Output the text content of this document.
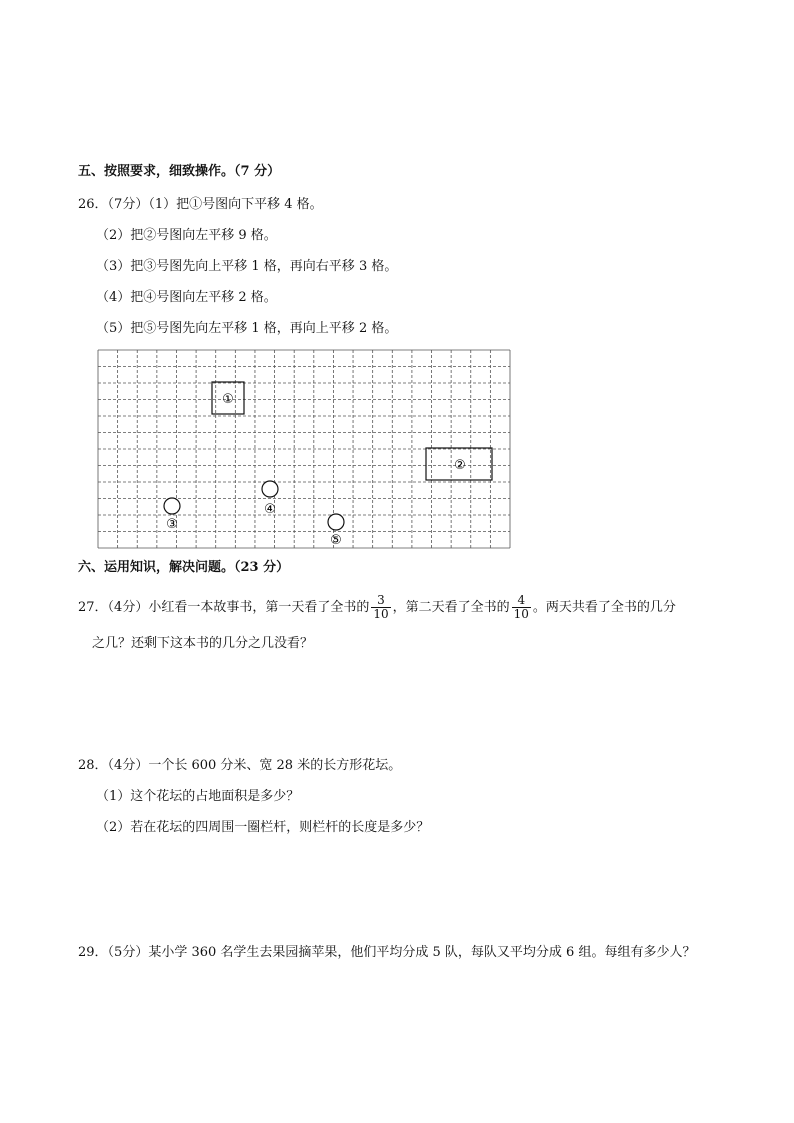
五、按照要求，细致操作。（7 分）
26．（7分）（1）把①号图向下平移 4 格。
（2）把②号图向左平移 9 格。
（3）把③号图先向上平移 1 格，再向右平移 3 格。
（4）把④号图向左平移 2 格。
（5）把⑤号图先向左平移 1 格，再向上平移 2 格。
①
②
③
④
⑤
六、运用知识，解决问题。（23 分）
27．（4分）小红看一本故事书，第一天看了全书的 $\frac{3}{10}$ ，第二天看了全书的 $\frac{4}{10}$ 。两天共看了全书的几分
之几？还剩下这本书的几分之几没看？
28．（4分）一个长 600 分米、宽 28 米的长方形花坛。
（1）这个花坛的占地面积是多少？
（2）若在花坛的四周围一圈栏杆，则栏杆的长度是多少？
29．（5分）某小学 360 名学生去果园摘苹果，他们平均分成 5 队，每队又平均分成 6 组。每组有多少人？
